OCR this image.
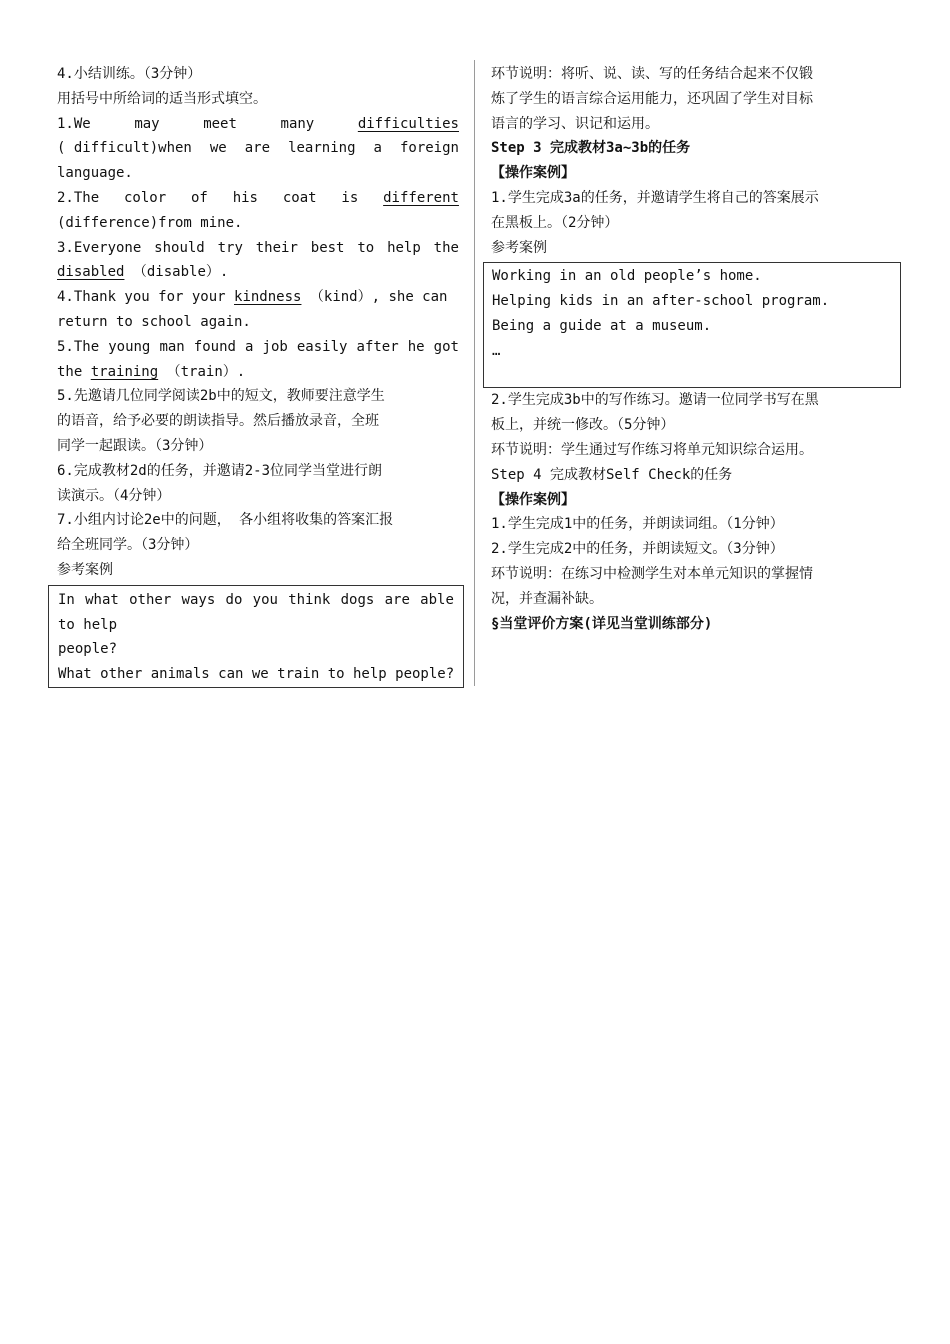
4.小结训练。（3分钟）
用括号中所给词的适当形式填空。
1.We	may	meet	many	difficulties
( difficult)when we are learning a foreign
language.
2.The color of his coat is different
(difference)from mine.
3.Everyone should try their best to help the
disabled （disable）.
4.Thank you for your kindness （kind）, she can
return to school again.
5.The young man found a job easily after he got
the training （train）.
5.先邀请几位同学阅读2b中的短文，教师要注意学生
的语音，给予必要的朗读指导。然后播放录音，全班
同学一起跟读。（3分钟）
6.完成教材2d的任务，并邀请2-3位同学当堂进行朗
读演示。（4分钟）
7.小组内讨论2e中的问题， 各小组将收集的答案汇报
给全班同学。（3分钟）
参考案例
In what other ways do you think dogs are able
to help
people?
What other animals can we train to help people?
环节说明：将听、说、读、写的任务结合起来不仅锻
炼了学生的语言综合运用能力，还巩固了学生对目标
语言的学习、识记和运用。
Step 3 完成教材3a~3b的任务
【操作案例】
1.学生完成3a的任务，并邀请学生将自己的答案展示
在黑板上。（2分钟）
参考案例
Working in an old people’s home.
Helping kids in an after-school program.
Being a guide at a museum.
…
2.学生完成3b中的写作练习。邀请一位同学书写在黑
板上，并统一修改。（5分钟）
环节说明：学生通过写作练习将单元知识综合运用。
Step 4 完成教材Self Check的任务
【操作案例】
1.学生完成1中的任务，并朗读词组。（1分钟）
2.学生完成2中的任务，并朗读短文。（3分钟）
环节说明：在练习中检测学生对本单元知识的掌握情
况，并查漏补缺。
§当堂评价方案(详见当堂训练部分)
